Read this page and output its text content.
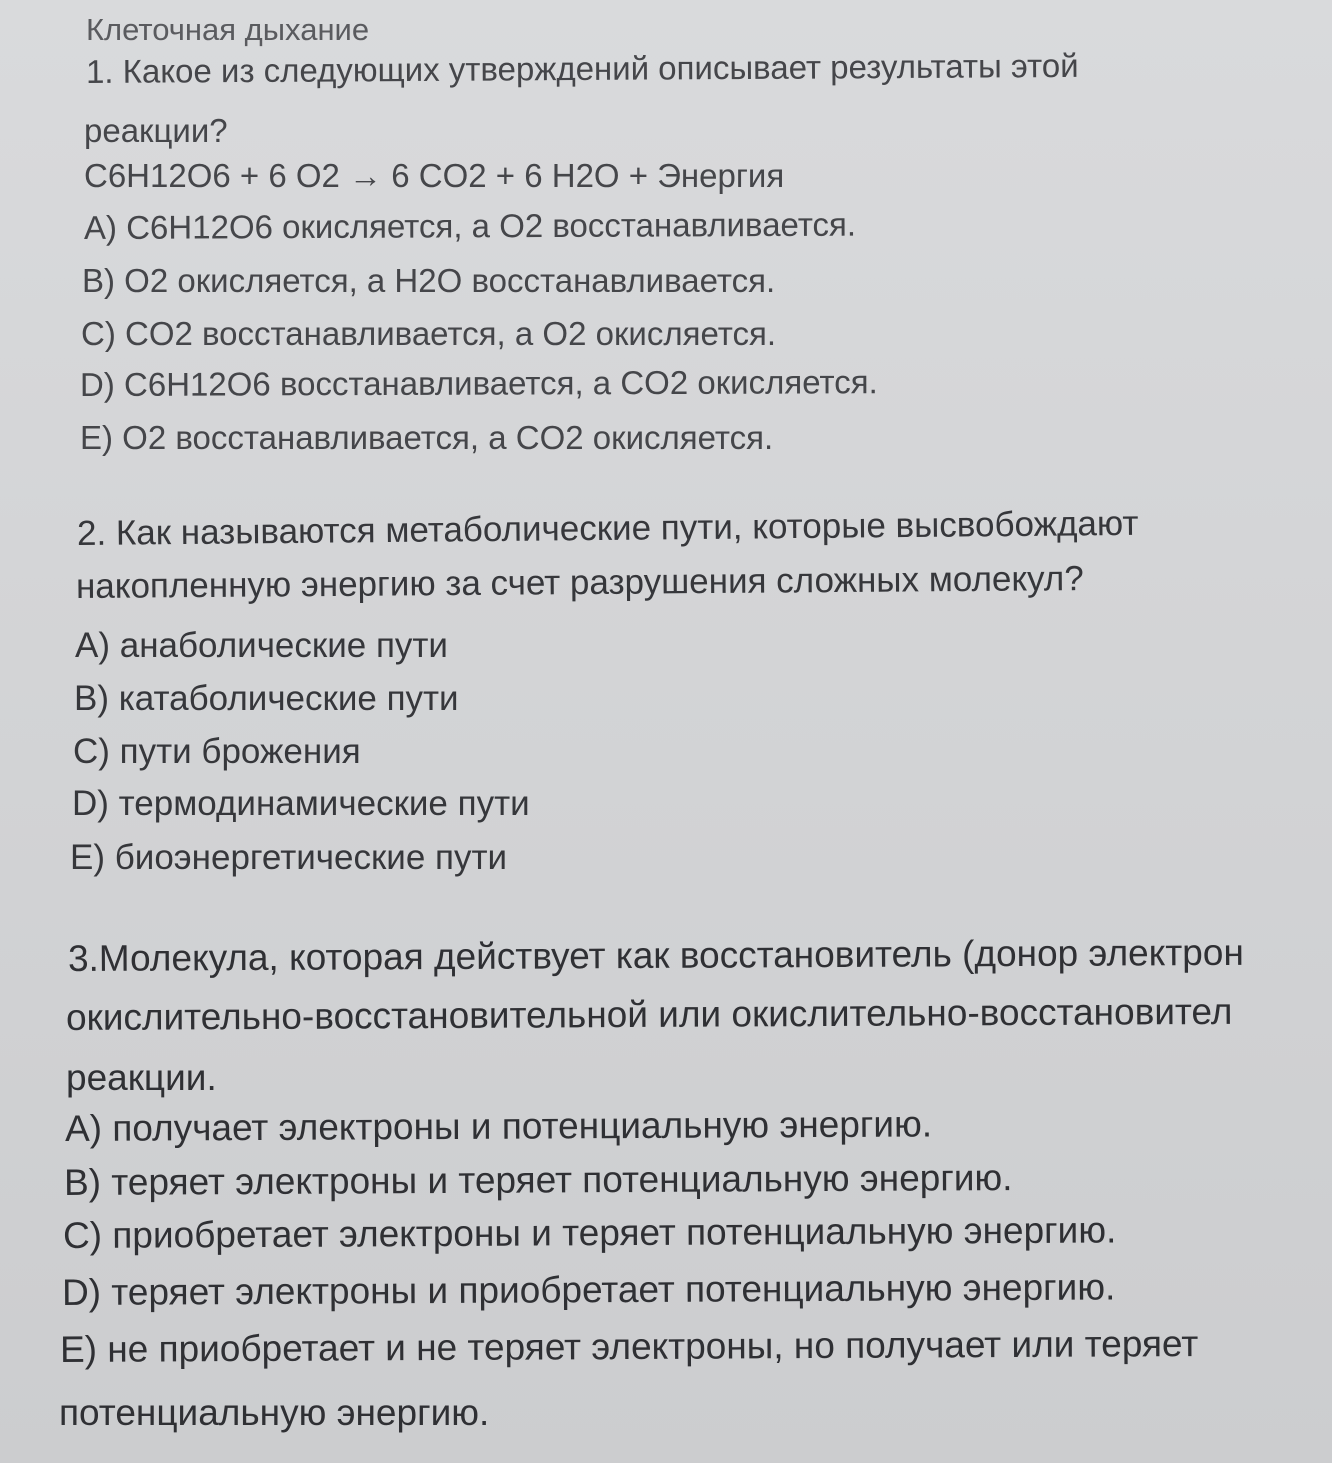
Клеточная дыхание
1. Какое из следующих утверждений описывает результаты этой
реакции?
C6H12O6 + 6 O2 → 6 CO2 + 6 H2O + Энергия
A) C6H12O6 окисляется, а O2 восстанавливается.
B) O2 окисляется, а H2O восстанавливается.
C) CO2 восстанавливается, а O2 окисляется.
D) C6H12O6 восстанавливается, а CO2 окисляется.
E) O2 восстанавливается, а CO2 окисляется.
2. Как называются метаболические пути, которые высвобождают
накопленную энергию за счет разрушения сложных молекул?
A) анаболические пути
B) катаболические пути
C) пути брожения
D) термодинамические пути
E) биоэнергетические пути
3.Молекула, которая действует как восстановитель (донор электрон
окислительно-восстановительной или окислительно-восстановител
реакции.
A) получает электроны и потенциальную энергию.
B) теряет электроны и теряет потенциальную энергию.
C) приобретает электроны и теряет потенциальную энергию.
D) теряет электроны и приобретает потенциальную энергию.
E) не приобретает и не теряет электроны, но получает или теряет
потенциальную энергию.
